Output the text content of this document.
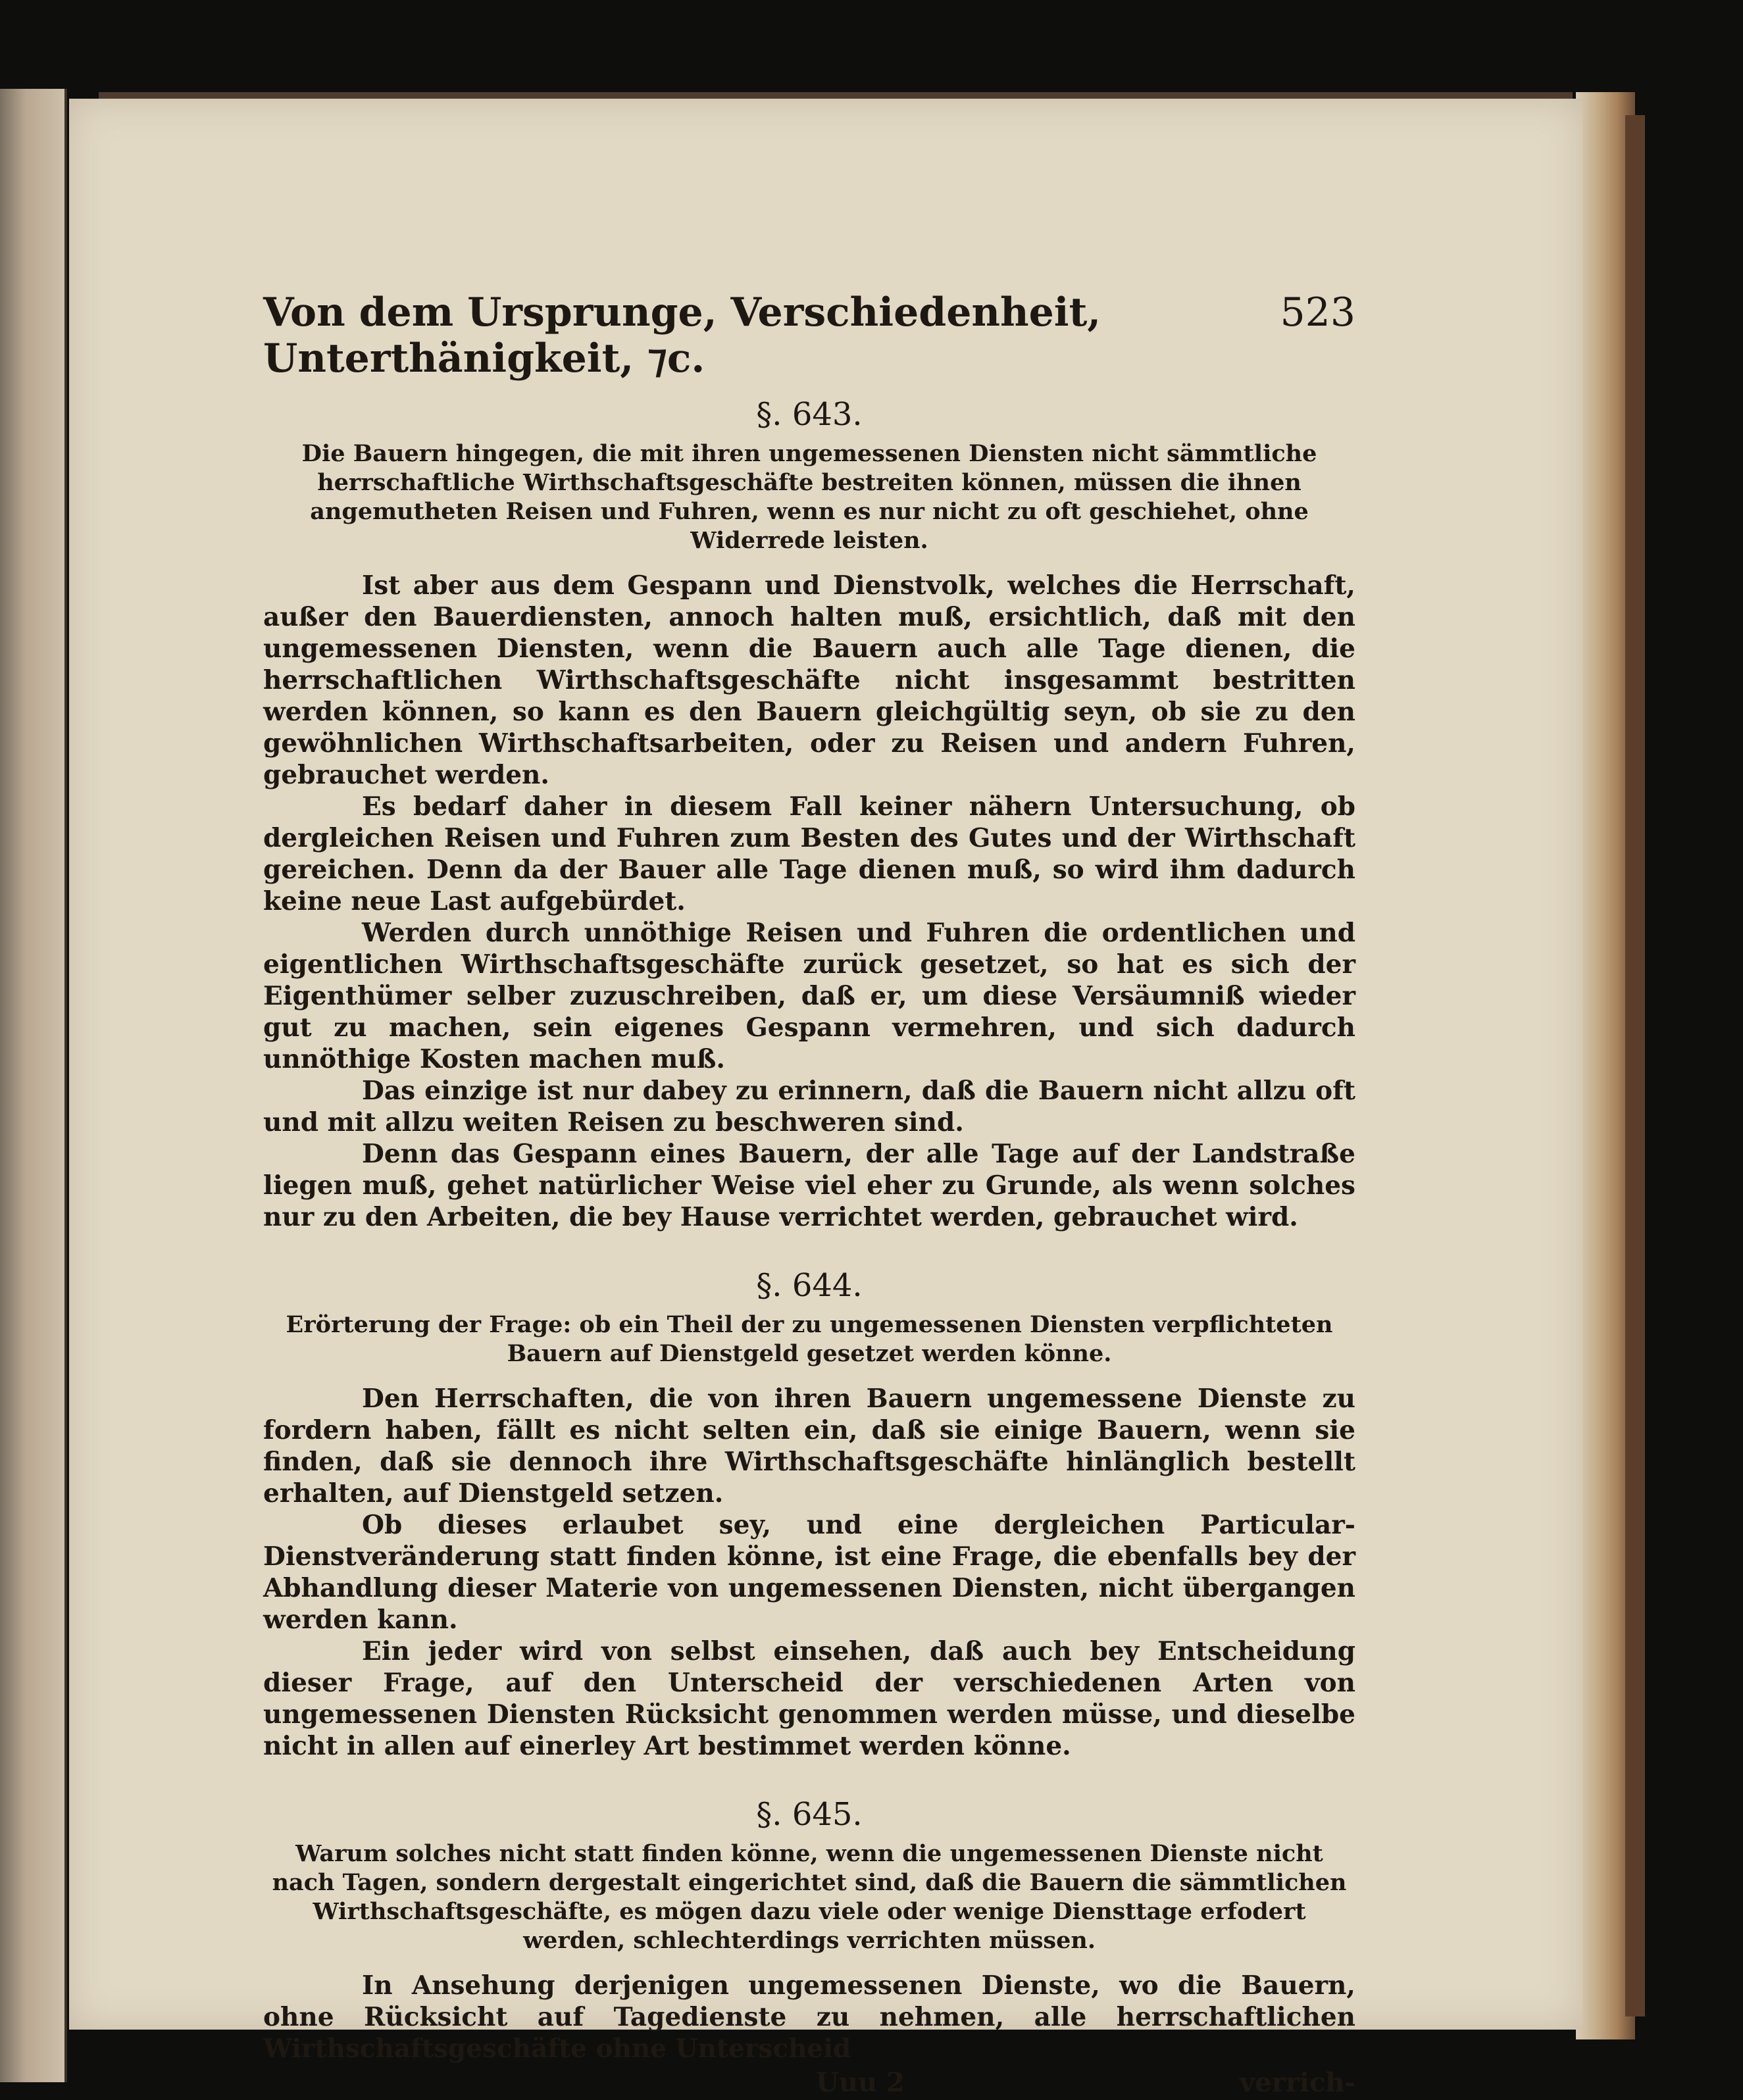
Von dem Ursprunge, Verschiedenheit, Unterthänigkeit, ⁊c.
523

§. 643.

Die Bauern hingegen, die mit ihren ungemessenen Diensten nicht sämmtliche herrschaftliche Wirthschaftsgeschäfte bestreiten können, müssen die ihnen angemutheten Reisen und Fuhren, wenn es nur nicht zu oft geschiehet, ohne Widerrede leisten.

Ist aber aus dem Gespann und Dienstvolk, welches die Herrschaft, außer den Bauerdiensten, annoch halten muß, ersichtlich, daß mit den ungemessenen Diensten, wenn die Bauern auch alle Tage dienen, die herrschaftlichen Wirthschaftsgeschäfte nicht insgesammt bestritten werden können, so kann es den Bauern gleichgültig seyn, ob sie zu den gewöhnlichen Wirthschaftsarbeiten, oder zu Reisen und andern Fuhren, gebrauchet werden.

Es bedarf daher in diesem Fall keiner nähern Untersuchung, ob dergleichen Reisen und Fuhren zum Besten des Gutes und der Wirthschaft gereichen. Denn da der Bauer alle Tage dienen muß, so wird ihm dadurch keine neue Last aufgebürdet.

Werden durch unnöthige Reisen und Fuhren die ordentlichen und eigentlichen Wirthschaftsgeschäfte zurück gesetzet, so hat es sich der Eigenthümer selber zuzuschreiben, daß er, um diese Versäumniß wieder gut zu machen, sein eigenes Gespann vermehren, und sich dadurch unnöthige Kosten machen muß.

Das einzige ist nur dabey zu erinnern, daß die Bauern nicht allzu oft und mit allzu weiten Reisen zu beschweren sind.

Denn das Gespann eines Bauern, der alle Tage auf der Landstraße liegen muß, gehet natürlicher Weise viel eher zu Grunde, als wenn solches nur zu den Arbeiten, die bey Hause verrichtet werden, gebrauchet wird.

§. 644.

Erörterung der Frage: ob ein Theil der zu ungemessenen Diensten verpflichteten Bauern auf Dienstgeld gesetzet werden könne.

Den Herrschaften, die von ihren Bauern ungemessene Dienste zu fordern haben, fällt es nicht selten ein, daß sie einige Bauern, wenn sie finden, daß sie dennoch ihre Wirthschaftsgeschäfte hinlänglich bestellt erhalten, auf Dienstgeld setzen.

Ob dieses erlaubet sey, und eine dergleichen Particular-Dienstveränderung statt finden könne, ist eine Frage, die ebenfalls bey der Abhandlung dieser Materie von ungemessenen Diensten, nicht übergangen werden kann.

Ein jeder wird von selbst einsehen, daß auch bey Entscheidung dieser Frage, auf den Unterscheid der verschiedenen Arten von ungemessenen Diensten Rücksicht genommen werden müsse, und dieselbe nicht in allen auf einerley Art bestimmet werden könne.

§. 645.

Warum solches nicht statt finden könne, wenn die ungemessenen Dienste nicht nach Tagen, sondern dergestalt eingerichtet sind, daß die Bauern die sämmtlichen Wirthschaftsgeschäfte, es mögen dazu viele oder wenige Diensttage erfodert werden, schlechterdings verrichten müssen.

In Ansehung derjenigen ungemessenen Dienste, wo die Bauern, ohne Rücksicht auf Tagedienste zu nehmen, alle herrschaftlichen Wirthschaftsgeschäfte ohne Unterscheid

Uuu 2	verrich-
